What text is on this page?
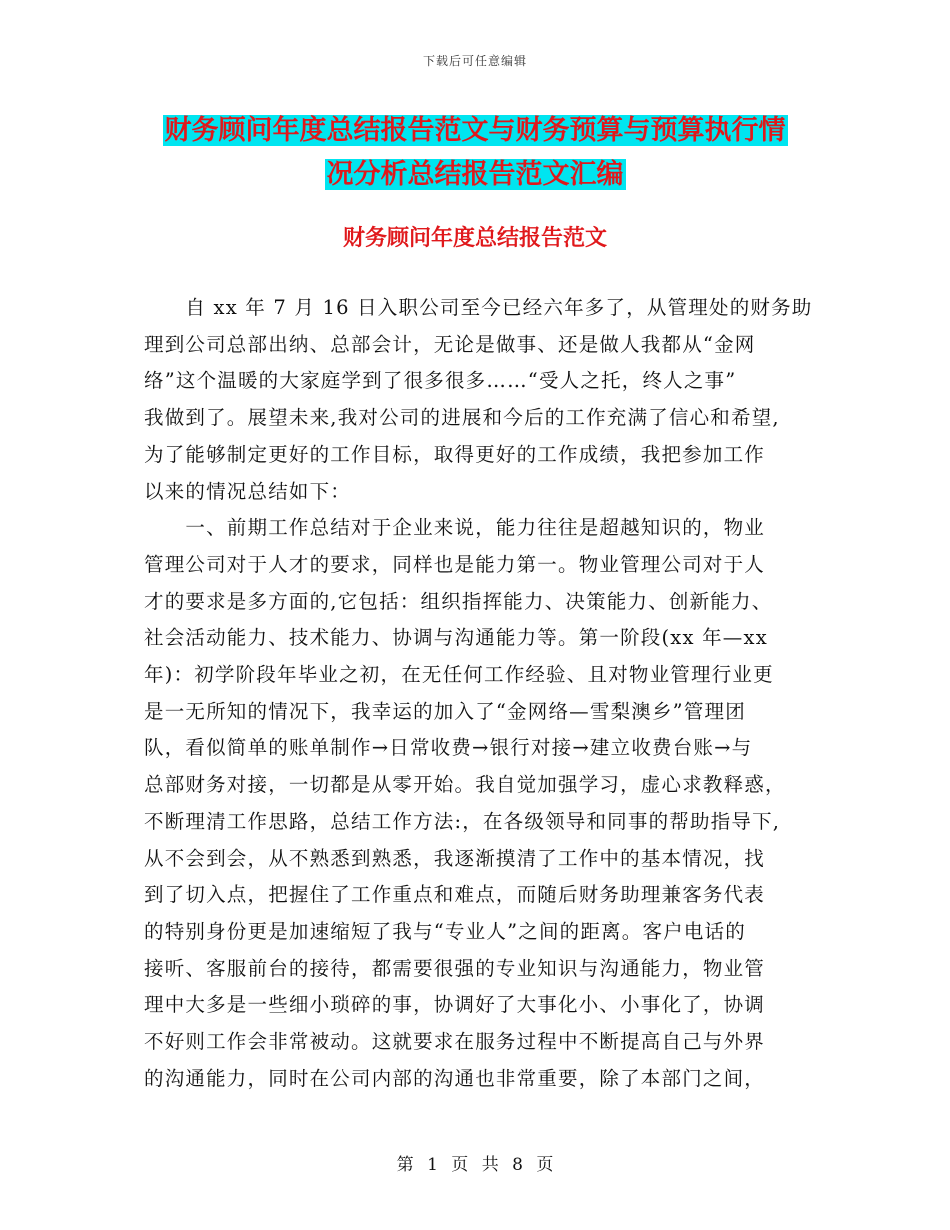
下载后可任意编辑
财务顾问年度总结报告范文与财务预算与预算执行情
况分析总结报告范文汇编
财务顾问年度总结报告范文
　　自 xx 年 7 月 16 日入职公司至今已经六年多了，从管理处的财务助
理到公司总部出纳、总部会计，无论是做事、还是做人我都从“金网
络”这个温暖的大家庭学到了很多很多……“受人之托，终人之事”
我做到了。展望未来,我对公司的进展和今后的工作充满了信心和希望,
为了能够制定更好的工作目标，取得更好的工作成绩，我把参加工作
以来的情况总结如下：
　　一、前期工作总结对于企业来说，能力往往是超越知识的，物业
管理公司对于人才的要求，同样也是能力第一。物业管理公司对于人
才的要求是多方面的,它包括：组织指挥能力、决策能力、创新能力、
社会活动能力、技术能力、协调与沟通能力等。第一阶段(xx 年—xx
年)：初学阶段年毕业之初，在无任何工作经验、且对物业管理行业更
是一无所知的情况下，我幸运的加入了“金网络—雪梨澳乡”管理团
队，看似简单的账单制作→日常收费→银行对接→建立收费台账→与
总部财务对接，一切都是从零开始。我自觉加强学习，虚心求教释惑，
不断理清工作思路，总结工作方法:，在各级领导和同事的帮助指导下,
从不会到会，从不熟悉到熟悉，我逐渐摸清了工作中的基本情况，找
到了切入点，把握住了工作重点和难点，而随后财务助理兼客务代表
的特别身份更是加速缩短了我与“专业人”之间的距离。客户电话的
接听、客服前台的接待，都需要很强的专业知识与沟通能力，物业管
理中大多是一些细小琐碎的事，协调好了大事化小、小事化了，协调
不好则工作会非常被动。这就要求在服务过程中不断提高自己与外界
的沟通能力，同时在公司内部的沟通也非常重要，除了本部门之间，
第 1 页 共 8 页
